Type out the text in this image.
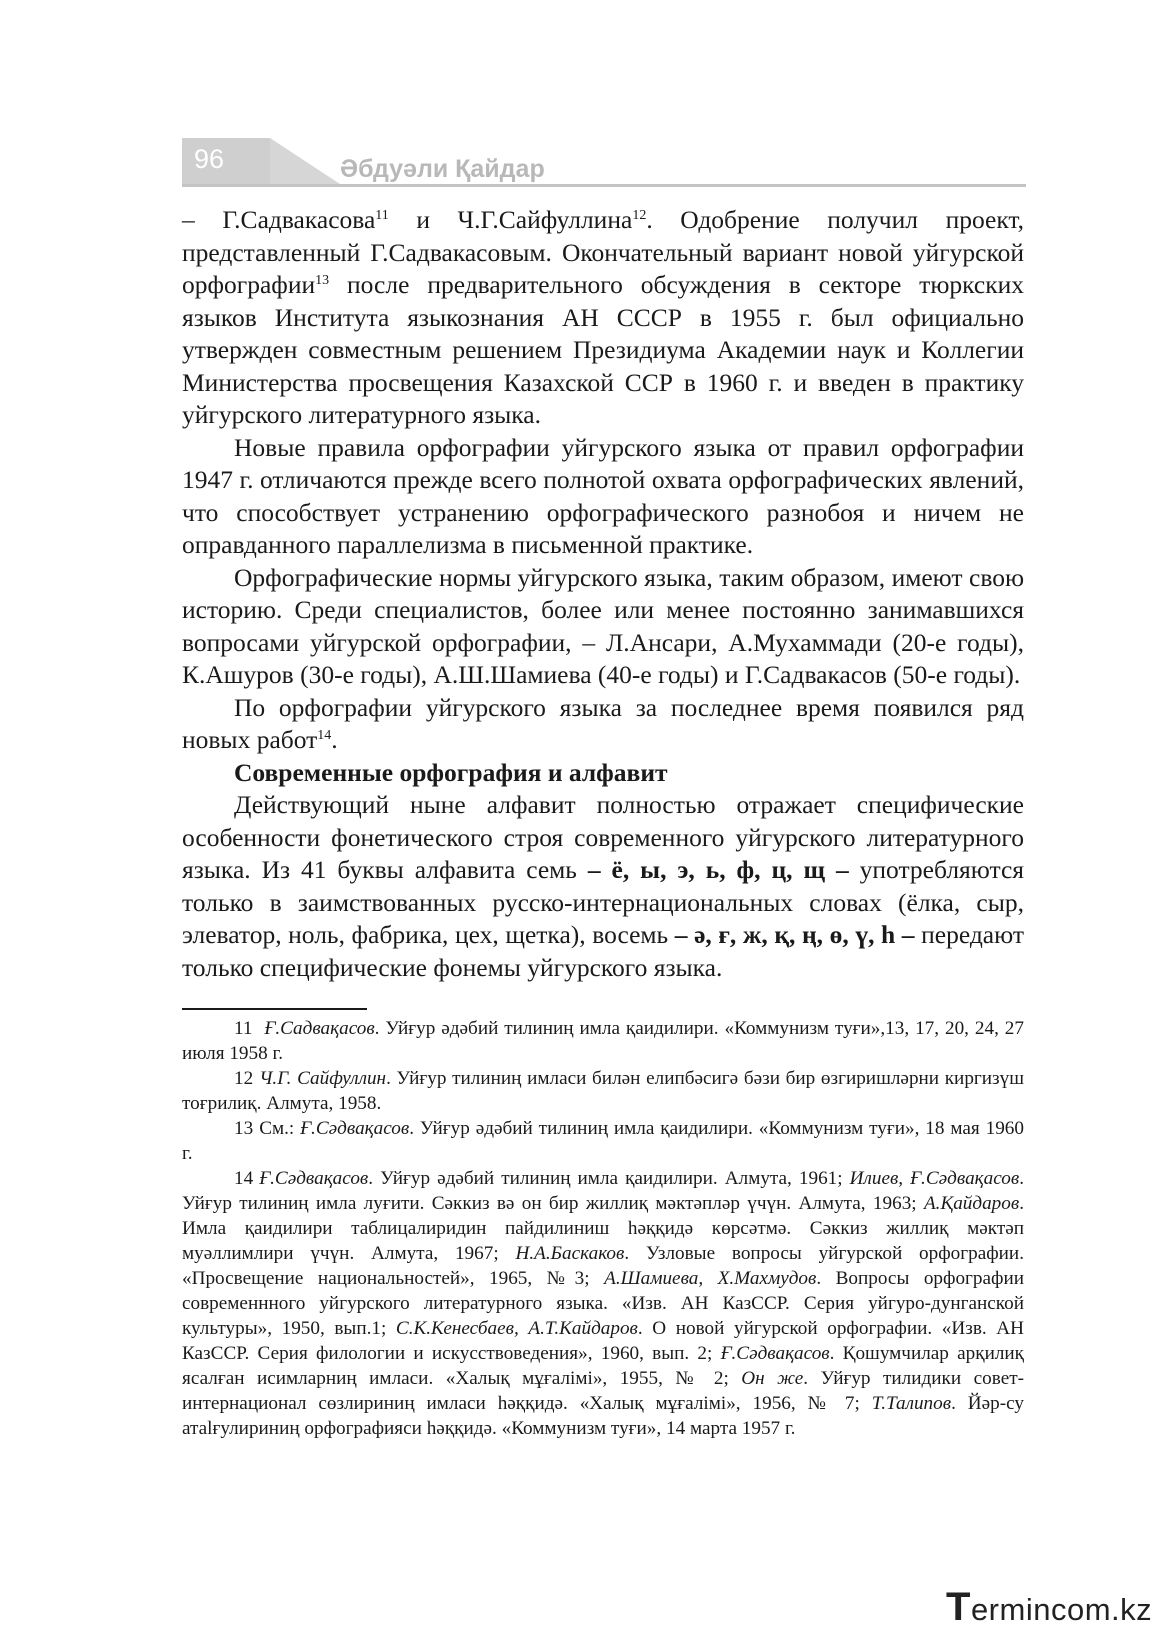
96	Әбдуәли Қайдар

– Г.Садвакасова$^{11}$ и Ч.Г.Сайфуллина$^{12}$. Одобрение получил проект, представленный Г.Садвакасовым. Окончательный вариант новой уйгурской орфографии$^{13}$ после предварительного обсуждения в секторе тюркских языков Института языкознания АН СССР в 1955 г. был официально утвержден совместным решением Президиума Академии наук и Коллегии Министерства просвещения Казахской ССР в 1960 г. и введен в практику уйгурского литературного языка.

Новые правила орфографии уйгурского языка от правил орфографии 1947 г. отличаются прежде всего полнотой охвата орфографических явлений, что способствует устранению орфографического разнобоя и ничем не оправданного параллелизма в письменной практике.

Орфографические нормы уйгурского языка, таким образом, имеют свою историю. Среди специалистов, более или менее постоянно занимавшихся вопросами уйгурской орфографии, – Л.Ансари, А.Мухаммади (20-е годы), К.Ашуров (30-е годы), А.Ш.Шамиева (40-е годы) и Г.Садвакасов (50-е годы).

По орфографии уйгурского языка за последнее время появился ряд новых работ$^{14}$.

Современные орфография и алфавит

Действующий ныне алфавит полностью отражает специфические особенности фонетического строя современного уйгурского литературного языка. Из 41 буквы алфавита семь – ё, ы, э, ь, ф, ц, щ – употребляются только в заимствованных русско-интернациональных словах (ёлка, сыр, элеватор, ноль, фабрика, цех, щетка), восемь – ә, ғ, ж, қ, ң, ө, ү, һ – передают только специфические фонемы уйгурского языка.

11 Ғ.Садвақасов. Уйғур әдәбий тилиниң имла қаидилири. «Коммунизм туғи»,13, 17, 20, 24, 27 июля 1958 г.

12 Ч.Г. Сайфуллин. Уйғур тилиниң имласи билән елипбәсигә бәзи бир өзгиришләрни киргизүш тоғрилиқ. Алмута, 1958.

13 См.: Ғ.Сәдвақасов. Уйғур әдәбий тилиниң имла қаидилири. «Коммунизм туғи», 18 мая 1960 г.

14 Ғ.Сәдвақасов. Уйғур әдәбий тилиниң имла қаидилири. Алмута, 1961; Илиев, Ғ.Сәдвақасов. Уйғур тилиниң имла луғити. Сәккиз вә он бир жиллиқ мәктәпләр үчүн. Алмута, 1963; А.Қайдаров. Имла қаидилири таблицалиридин пайдилиниш һәққидә көрсәтмә. Сәккиз жиллиқ мәктәп муәллимлири үчүн. Алмута, 1967; Н.А.Баскаков. Узловые вопросы уйгурской орфографии. «Просвещение национальностей», 1965, №3; А.Шамиева, Х.Махмудов. Вопросы орфографии современнного уйгурского литературного языка. «Изв. АН КазССР. Серия уйгуро-дунганской культуры», 1950, вып.1; С.К.Кенесбаев, А.Т.Кайдаров. О новой уйгурской орфографии. «Изв. АН КазССР. Серия филологии и искусствоведения», 1960, вып. 2; Ғ.Сәдвақасов. Қошумчилар арқилиқ ясалған исимларниң имласи. «Халық мұғалімі», 1955, № 2; Он же. Уйғур тилидики совет-интернационал сөзлириниң имласи һәққидә. «Халық мұғалімі», 1956, № 7; Т.Талипов. Йәр-су атаlғулириниң орфографияси һәққидә. «Коммунизм туғи», 14 марта 1957 г.

Termincom.kz
